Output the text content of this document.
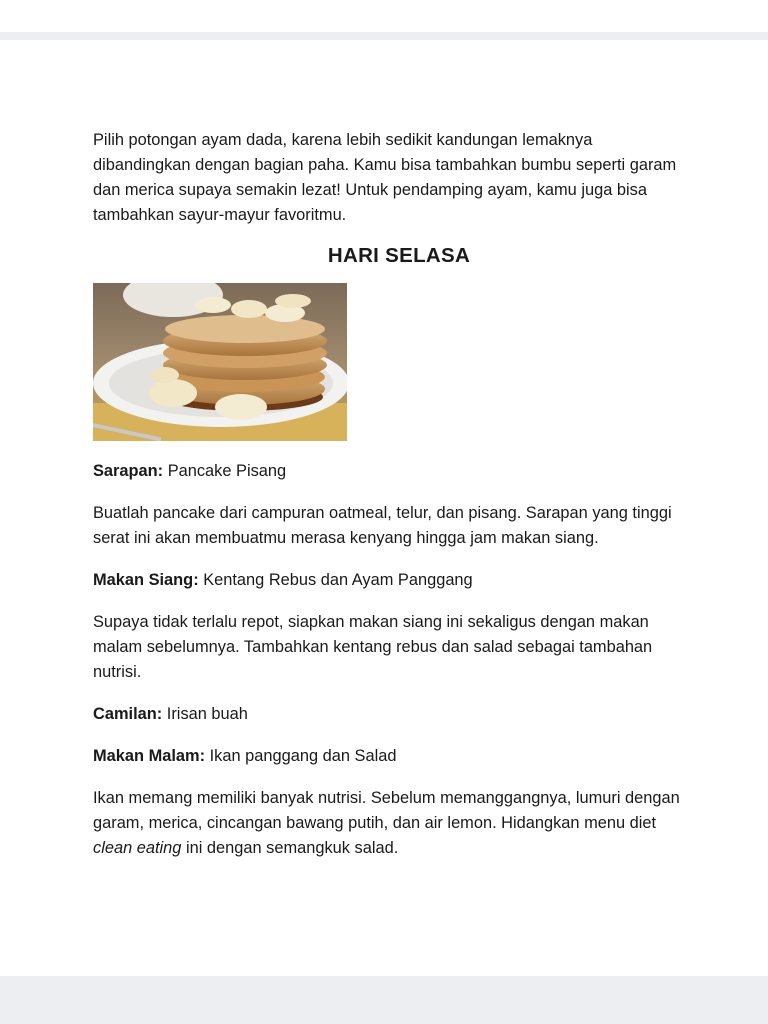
Pilih potongan ayam dada, karena lebih sedikit kandungan lemaknya dibandingkan dengan bagian paha. Kamu bisa tambahkan bumbu seperti garam dan merica supaya semakin lezat! Untuk pendamping ayam, kamu juga bisa tambahkan sayur-mayur favoritmu.

HARI SELASA

Sarapan: Pancake Pisang

Buatlah pancake dari campuran oatmeal, telur, dan pisang. Sarapan yang tinggi serat ini akan membuatmu merasa kenyang hingga jam makan siang.

Makan Siang: Kentang Rebus dan Ayam Panggang

Supaya tidak terlalu repot, siapkan makan siang ini sekaligus dengan makan malam sebelumnya. Tambahkan kentang rebus dan salad sebagai tambahan nutrisi.

Camilan: Irisan buah

Makan Malam: Ikan panggang dan Salad

Ikan memang memiliki banyak nutrisi. Sebelum memanggangnya, lumuri dengan garam, merica, cincangan bawang putih, dan air lemon. Hidangkan menu diet clean eating ini dengan semangkuk salad.
